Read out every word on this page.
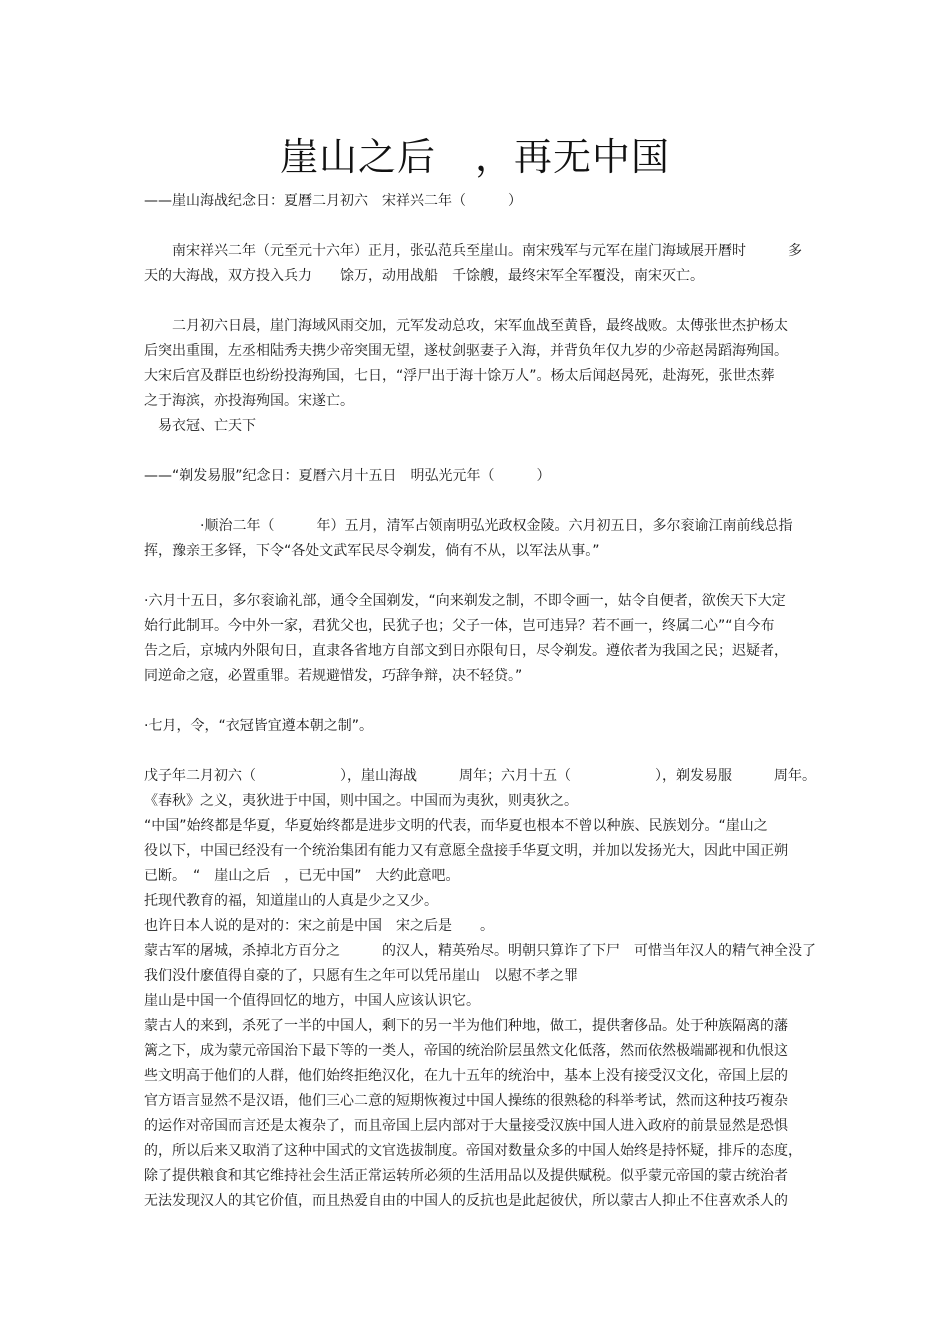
崖山之后　，再无中国
——崖山海战纪念日：夏曆二月初六　宋祥兴二年（　　　）
　　南宋祥兴二年（元至元十六年）正月，张弘范兵至崖山。南宋残军与元军在崖门海域展开曆时　　　多
天的大海战，双方投入兵力　　馀万，动用战船　千馀艘，最终宋军全军覆没，南宋灭亡。
　　二月初六日晨，崖门海域风雨交加，元军发动总攻，宋军血战至黄昏，最终战败。太傅张世杰护杨太
后突出重围，左丞相陆秀夫携少帝突围无望，遂杖剑驱妻子入海，并背负年仅九岁的少帝赵昺蹈海殉国。
大宋后宫及群臣也纷纷投海殉国，七日，“浮尸出于海十馀万人”。杨太后闻赵昺死，赴海死，张世杰葬
之于海滨，亦投海殉国。宋遂亡。
　易衣冠、亡天下
——“剃发易服”纪念日：夏曆六月十五日　明弘光元年（　　　）
　　　　·顺治二年（　　　年）五月，清军占领南明弘光政权金陵。六月初五日，多尔衮谕江南前线总指
挥，豫亲王多铎，下令“各处文武军民尽令剃发，倘有不从，以军法从事。”
·六月十五日，多尔衮谕礼部，通令全国剃发，“向来剃发之制，不即令画一，姑令自便者，欲俟天下大定
始行此制耳。今中外一家，君犹父也，民犹子也；父子一体，岂可违异？若不画一，终属二心”“自今布
告之后，京城内外限旬日，直隶各省地方自部文到日亦限旬日，尽令剃发。遵依者为我国之民；迟疑者，
同逆命之寇，必置重罪。若规避惜发，巧辞争辩，决不轻贷。”
·七月，令，“衣冠皆宜遵本朝之制”。
戊子年二月初六（　　　　　　），崖山海战　　　周年；六月十五（　　　　　　），剃发易服　　　周年。
《春秋》之义，夷狄进于中国，则中国之。中国而为夷狄，则夷狄之。
“中国”始终都是华夏，华夏始终都是进步文明的代表，而华夏也根本不曾以种族、民族划分。“崖山之
役以下，中国已经没有一个统治集团有能力又有意愿全盘接手华夏文明，并加以发扬光大，因此中国正朔
已断。　“　崖山之后　，已无中国”　大约此意吧。
托现代教育的福，知道崖山的人真是少之又少。
也许日本人说的是对的：宋之前是中国　宋之后是　　。
蒙古军的屠城，杀掉北方百分之　　　的汉人，精英殆尽。明朝只算诈了下尸　可惜当年汉人的精气神全没了
我们没什麽值得自豪的了，只愿有生之年可以凭吊崖山　以慰不孝之罪
崖山是中国一个值得回忆的地方，中国人应该认识它。
蒙古人的来到，杀死了一半的中国人，剩下的另一半为他们种地，做工，提供奢侈品。处于种族隔离的藩
篱之下，成为蒙元帝国治下最下等的一类人，帝国的统治阶层虽然文化低落，然而依然极端鄙视和仇恨这
些文明高于他们的人群，他们始终拒绝汉化，在九十五年的统治中，基本上没有接受汉文化，帝国上层的
官方语言显然不是汉语，他们三心二意的短期恢複过中国人操练的很熟稔的科举考试，然而这种技巧複杂
的运作对帝国而言还是太複杂了，而且帝国上层内部对于大量接受汉族中国人进入政府的前景显然是恐惧
的，所以后来又取消了这种中国式的文官选拔制度。帝国对数量众多的中国人始终是持怀疑，排斥的态度，
除了提供粮食和其它维持社会生活正常运转所必须的生活用品以及提供赋税。似乎蒙元帝国的蒙古统治者
无法发现汉人的其它价值，而且热爱自由的中国人的反抗也是此起彼伏，所以蒙古人抑止不住喜欢杀人的
